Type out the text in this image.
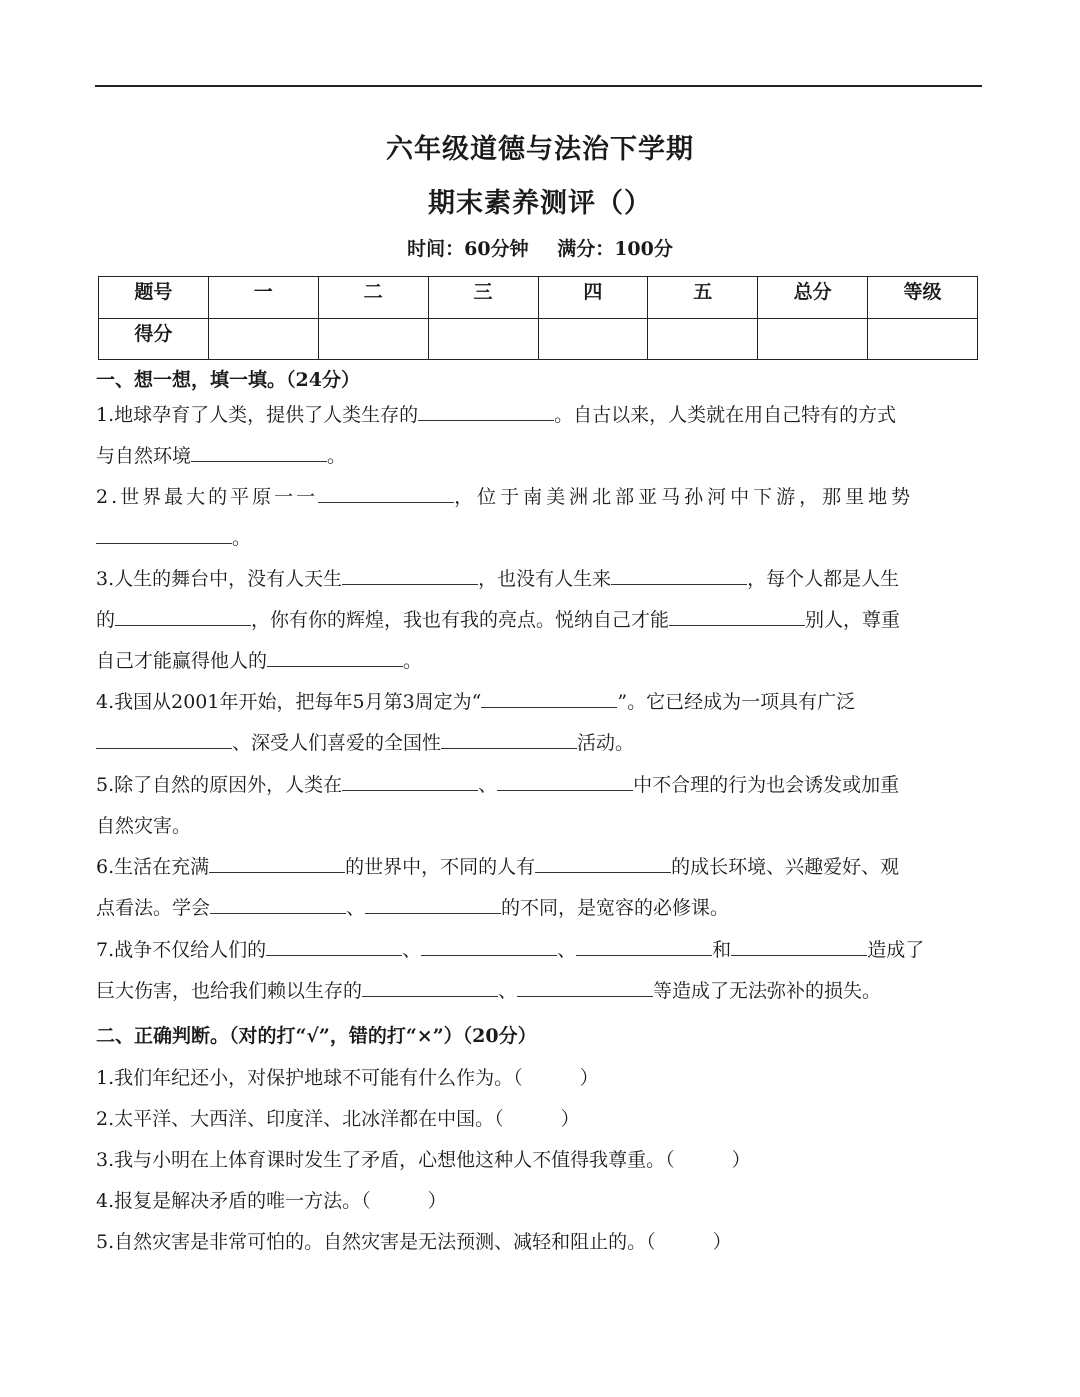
六年级道德与法治下学期
期末素养测评（）
时间：60分钟 满分：100分
题号	一	二	三	四	五	总分	等级
得分							
一、想一想，填一填。（24分）
1.地球孕育了人类，提供了人类生存的	。自古以来，人类就在用自己特有的方式
与自然环境	。
2.世界最大的平原一一	，位于南美洲北部亚马孙河中下游，那里地势
。
3.人生的舞台中，没有人天生	，也没有人生来	，每个人都是人生
的	，你有你的辉煌，我也有我的亮点。悦纳自己才能	别人，尊重
自己才能赢得他人的	。
4.我国从2001年开始，把每年5月第3周定为“	”。它已经成为一项具有广泛
、深受人们喜爱的全国性	活动。
5.除了自然的原因外，人类在	、	中不合理的行为也会诱发或加重
自然灾害。
6.生活在充满	的世界中，不同的人有	的成长环境、兴趣爱好、观
点看法。学会	、	的不同，是宽容的必修课。
7.战争不仅给人们的	、	、	和	造成了
巨大伤害，也给我们赖以生存的	、	等造成了无法弥补的损失。
二、正确判断。（对的打“√”，错的打“×”）（20分）
1.我们年纪还小，对保护地球不可能有什么作为。（　　　）
2.太平洋、大西洋、印度洋、北冰洋都在中国。（　　　）
3.我与小明在上体育课时发生了矛盾，心想他这种人不值得我尊重。（　　　）
4.报复是解决矛盾的唯一方法。（　　　）
5.自然灾害是非常可怕的。自然灾害是无法预测、减轻和阻止的。（　　　）
